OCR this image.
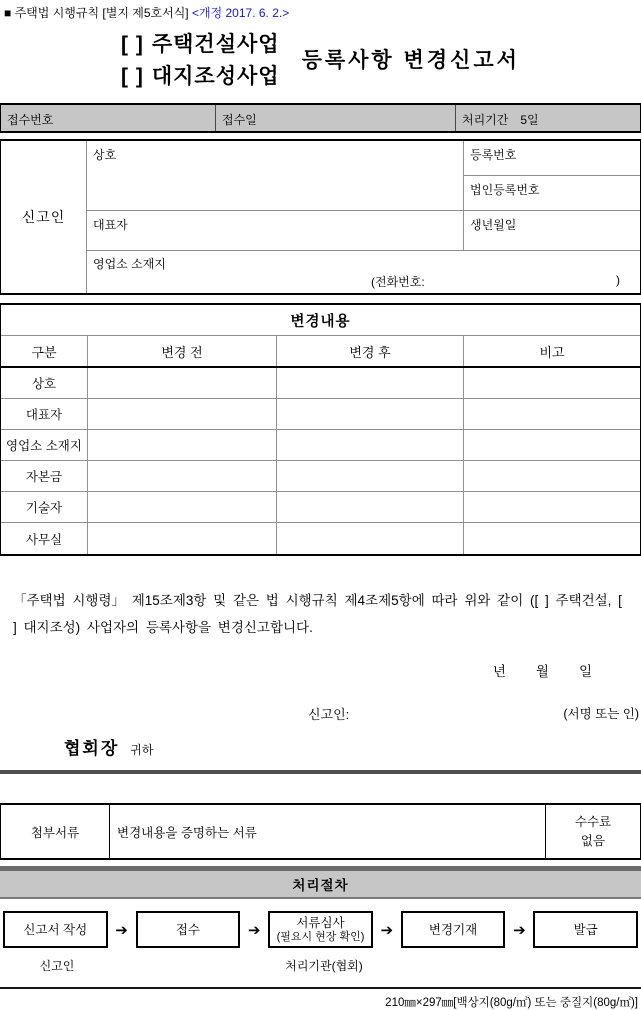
■ 주택법 시행규칙 [별지 제5호서식] <개정 2017. 6. 2.>
[ ] 주택건설사업
[ ] 대지조성사업
등록사항 변경신고서
접수번호	접수일	처리기간 5일
신고인
상호	등록번호
법인등록번호
대표자	생년월일
영업소 소재지
(전화번호:	)
변경내용
구분	변경 전	변경 후	비고
상호
대표자
영업소 소재지
자본금
기술자
사무실
「주택법 시행령」 제15조제3항 및 같은 법 시행규칙 제4조제5항에 따라 위와 같이 ([ ] 주택건설, [ ] 대지조성) 사업자의 등록사항을 변경신고합니다.
년 월 일
신고인:	(서명 또는 인)
협회장 귀하
첨부서류	변경내용을 증명하는 서류
수수료
없음
처리절차
신고서 작성	➔	접수	➔	서류심사
(필요시 현장 확인)	➔	변경기재	➔	발급
신고인	처리기관(협회)
210㎜×297㎜[백상지(80g/㎡) 또는 중질지(80g/㎡)]
